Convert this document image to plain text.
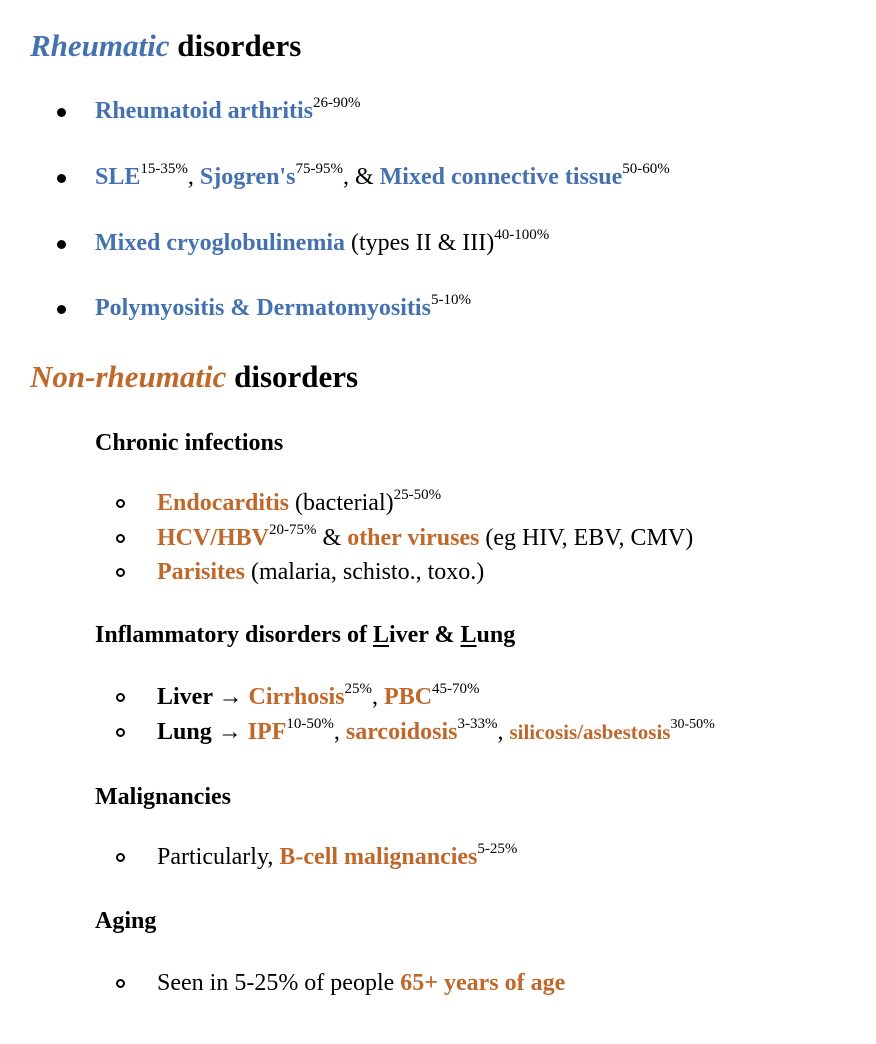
Rheumatic disorders
Rheumatoid arthritis$^{26-90\%}$
$SLE^{15-35\%}$, $Sjogren's^{75-95\%}$, & Mixed connective tissue$^{50-60\%}$
Mixed cryoglobulinemia (types II & III)$^{40-100\%}$
Polymyositis & Dermatomyositis$^{5-10\%}$
Non-rheumatic disorders
Chronic infections
Endocarditis (bacterial)$^{25-50\%}$
HCV/$HBV^{20-75\%}$ & other viruses (eg HIV, EBV, CMV)
Parisites (malaria, schisto., toxo.)
Inflammatory disorders of Liver & Lung
Liver → Cirrhosis$^{25\%}$, $PBC^{45-70\%}$
Lung → $IPF^{10-50\%}$, sarcoidosis$^{3-33\%}$, silicosis/asbestosis$^{30-50\%}$
Malignancies
Particularly, B-cell malignancies$^{5-25\%}$
Aging
Seen in 5-25% of people 65+ years of age
